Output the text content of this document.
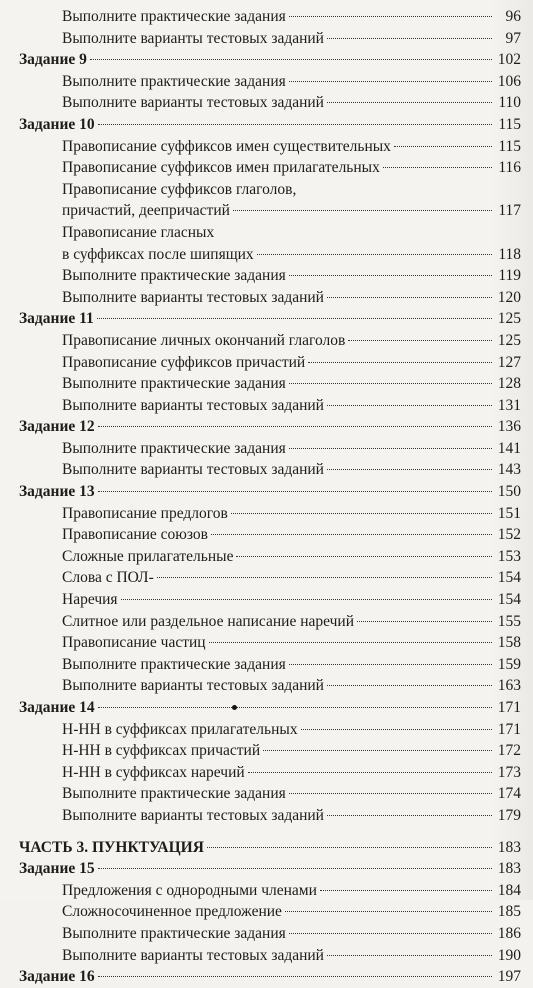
Выполните практические задания	96
Выполните варианты тестовых заданий	97
Задание 9	102
Выполните практические задания	106
Выполните варианты тестовых заданий	110
Задание 10	115
Правописание суффиксов имен существительных	115
Правописание суффиксов имен прилагательных	116
Правописание суффиксов глаголов,
причастий, деепричастий	117
Правописание гласных
в суффиксах после шипящих	118
Выполните практические задания	119
Выполните варианты тестовых заданий	120
Задание 11	125
Правописание личных окончаний глаголов	125
Правописание суффиксов причастий	127
Выполните практические задания	128
Выполните варианты тестовых заданий	131
Задание 12	136
Выполните практические задания	141
Выполните варианты тестовых заданий	143
Задание 13	150
Правописание предлогов	151
Правописание союзов	152
Сложные прилагательные	153
Слова с ПОЛ-	154
Наречия	154
Слитное или раздельное написание наречий	155
Правописание частиц	158
Выполните практические задания	159
Выполните варианты тестовых заданий	163
Задание 14	171
Н-НН в суффиксах прилагательных	171
Н-НН в суффиксах причастий	172
Н-НН в суффиксах наречий	173
Выполните практические задания	174
Выполните варианты тестовых заданий	179
ЧАСТЬ 3. ПУНКТУАЦИЯ	183
Задание 15	183
Предложения с однородными членами	184
Сложносочиненное предложение	185
Выполните практические задания	186
Выполните варианты тестовых заданий	190
Задание 16	197
